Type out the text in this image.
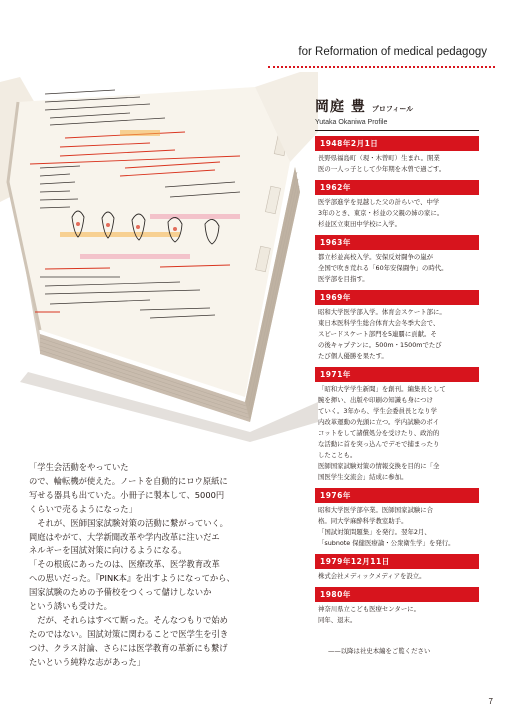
for Reformation of medical pedagogy
岡庭 豊 プロフィール
Yutaka Okaniwa Profile
1948年2月1日
長野県福島町（現・木曽町）生まれ。開業
医の一人っ子として少年期を木曽で過ごす。
1962年
医学部進学を見越した父の計らいで、中学
3年のとき、東京・杉並の父親の姉の家に。
杉並区立東田中学校に入学。
1963年
都立杉並高校入学。安保反対闘争の嵐が
全国で吹き荒れる「60年安保闘争」の時代。
医学部を目指す。
1969年
昭和大学医学部入学。体育会スケート部に。
東日本医科学生総合体育大会冬季大会で、
スピードスケート部門を5連覇に貢献。そ
の後キャプテンに。500m・1500mでたび
たび個人優勝を果たす。
1971年
「昭和大学学生新聞」を創刊。編集長として
腕を揮い、出版や印刷の知識も身につけ
ていく。3年から、学生会委員長となり学
内改革運動の先頭に立つ。学内試験のボイ
コットをして諸償処分を受けたり、政治的
な活動に首を突っ込んでデモで捕まったり
したことも。
医師国家試験対策の情報交換を目的に「全
国医学生交流会」結成に参加。
1976年
昭和大学医学部卒業。医師国家試験に合
格。同大学麻酔科学教室助手。
「国試対策問題集」を発行。翌年2月、
「subnote 保健医療論・公衆衛生学」を発行。
1979年12月11日
株式会社メディックメディアを設立。
1980年
神奈川県立こども医療センターに。
同年、退末。
——以降は社史本編をご覧ください
「学生会活動をやっていた
ので、輪転機が使えた。ノートを自動的にロウ原紙に
写せる器具も出ていた。小冊子に製本して、5000円
くらいで売るようになった」
　それが、医師国家試験対策の活動に繋がっていく。
岡庭はやがて、大学新聞改革や学内改革に注いだエ
ネルギーを国試対策に向けるようになる。
「その根底にあったのは、医療改革、医学教育改革
への思いだった。『PINK本』を出すようになってから、
国家試験のための予備校をつくって儲けしないか
という誘いも受けた。
　だが、それらはすべて断った。そんなつもりで始め
たのではない。国試対策に関わることで医学生を引き
つけ、クラス討論、さらには医学教育の革新にも繋げ
たいという純粋な志があった」
7
